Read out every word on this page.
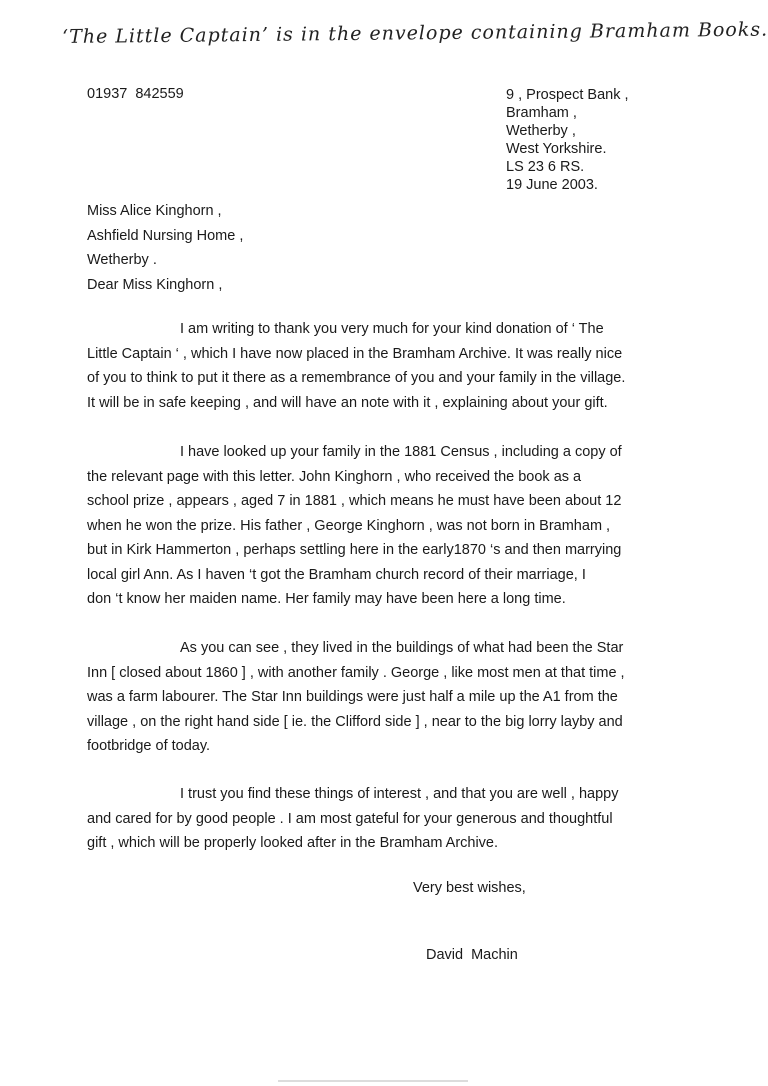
‘The Little Captain’ is in the envelope containing Bramham Books.
01937 842559	9 , Prospect Bank ,
Bramham ,
Wetherby ,
West Yorkshire.
LS 23 6 RS.
19 June 2003.
Miss Alice Kinghorn ,
Ashfield Nursing Home ,
Wetherby .
Dear Miss Kinghorn ,
I am writing to thank you very much for your kind donation of ‘ The
Little Captain ‘ , which I have now placed in the Bramham Archive. It was really nice
of you to think to put it there as a remembrance of you and your family in the village.
It will be in safe keeping , and will have an note with it , explaining about your gift.
I have looked up your family in the 1881 Census , including a copy of
the relevant page with this letter. John Kinghorn , who received the book as a
school prize , appears , aged 7 in 1881 , which means he must have been about 12
when he won the prize. His father , George Kinghorn , was not born in Bramham ,
but in Kirk Hammerton , perhaps settling here in the early1870 ‘s and then marrying
local girl Ann. As I haven ‘t got the Bramham church record of their marriage, I
don ‘t know her maiden name. Her family may have been here a long time.
As you can see , they lived in the buildings of what had been the Star
Inn [ closed about 1860 ] , with another family . George , like most men at that time ,
was a farm labourer. The Star Inn buildings were just half a mile up the A1 from the
village , on the right hand side [ ie. the Clifford side ] , near to the big lorry layby and
footbridge of today.
I trust you find these things of interest , and that you are well , happy
and cared for by good people . I am most gateful for your generous and thoughtful
gift , which will be properly looked after in the Bramham Archive.
Very best wishes,
David Machin
